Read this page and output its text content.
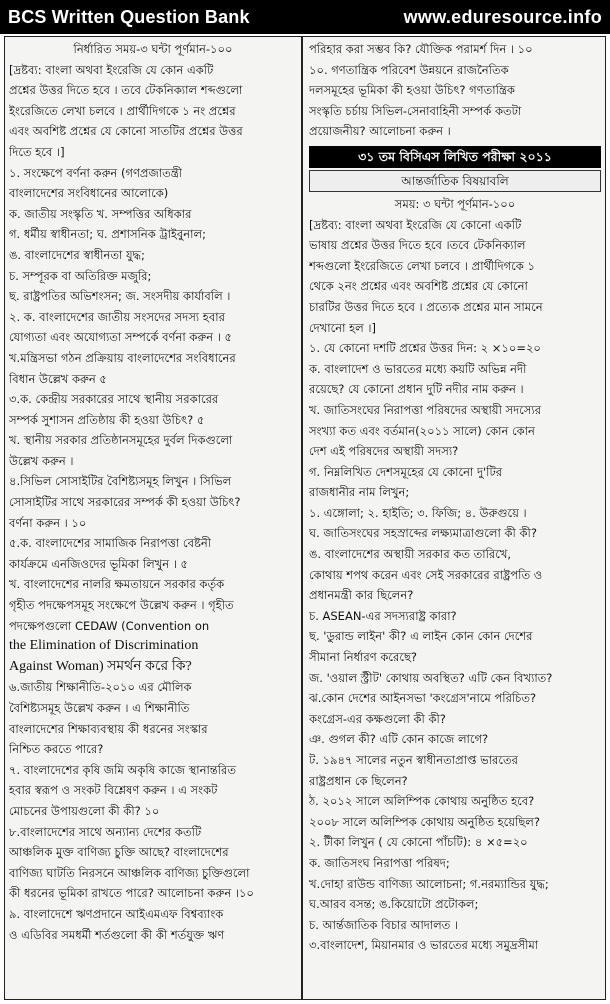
BCS Written Question Bank	www.eduresource.info
নির্ধারিত সময়-৩ ঘন্টা পূর্ণমান-১০০
[দ্রষ্টব্য: বাংলা অথবা ইংরেজি যে কোন একটি
প্রশ্নের উত্তর দিতে হবে । তবে টেকনিক্যাল শব্দগুলো
ইংরেজিতে লেখা চলবে । প্রার্থীদিগকে ১ নং প্রশ্নের
এবং অবশিষ্ট প্রশ্নের যে কোনো সাতটির প্রশ্নের উত্তর
দিতে হবে ।]
১. সংক্ষেপে বর্ণনা করুন (গণপ্রজাতন্ত্রী
বাংলাদেশের সংবিধানের আলোকে)
ক. জাতীয় সংস্কৃতি খ. সম্পত্তির অধিকার
গ. ধর্মীয় স্বাধীনতা; ঘ. প্রশাসনিক ট্রাইবুনাল;
ঙ. বাংলাদেশের স্বাধীনতা যুদ্ধ;
চ. সম্পূরক বা অতিরিক্ত মজুরি;
ছ. রাষ্ট্রপতির অভিশংসন; জ. সংসদীয় কার্যাবলি ।
২. ক. বাংলাদেশের জাতীয় সংসদের সদস্য হবার
যোগ্যতা এবং অযোগ্যতা সম্পর্কে বর্ণনা করুন । ৫
খ.মন্ত্রিসভা গঠন প্রক্রিয়ায় বাংলাদেশের সংবিধানের
বিধান উল্লেখ করুন ৫
৩.ক. কেন্দ্রীয় সরকারের সাথে স্থানীয় সরকারের
সম্পর্ক সুশাসন প্রতিষ্ঠায় কী হওয়া উচিৎ? ৫
খ. স্থানীয় সরকার প্রতিষ্ঠানসমূহের দুর্বল দিকগুলো
উল্লেখ করুন ।
৪.সিভিল সোসাইটির বৈশিষ্ট্যসমূহ লিখুন । সিভিল
সোসাইটির সাথে সরকারের সম্পর্ক কী হওয়া উচিৎ?
বর্ণনা করুন । ১০
৫.ক. বাংলাদেশের সামাজিক নিরাপত্তা বেষ্টনী
কার্যক্রমে এনজিওদের ভূমিকা লিখুন । ৫
খ. বাংলাদেশের নালরি ক্ষমতায়নে সরকার কর্তৃক
গৃহীত পদক্ষেপসমূহ সংক্ষেপে উল্লেখ করুন । গৃহীত
পদক্ষেপগুলো CEDAW (Convention on
the Elimination of Discrimination
Against Woman) সমর্থন করে কি?
৬.জাতীয় শিক্ষানীতি-২০১০ এর মৌলিক
বৈশিষ্ট্যসমূহ উল্লেখ করুন । এ শিক্ষানীতি
বাংলাদেশের শিক্ষাব্যবস্থায় কী ধরনের সংস্কার
নিশ্চিত করতে পারে?
৭. বাংলাদেশের কৃষি জমি অকৃষি কাজে স্থানান্তরিত
হবার স্বরূপ ও সংকট বিশ্লেষণ করুন । এ সংকট
মোচনের উপায়গুলো কী কী? ১০
৮.বাংলাদেশের সাথে অন্যান্য দেশের কতটি
আঞ্চলিক মুক্ত বাণিজ্য চুক্তি আছে? বাংলাদেশের
বাণিজ্য ঘাটতি নিরসনে আঞ্চলিক বাণিজ্য চুক্তিগুলো
কী ধরনের ভূমিকা রাখতে পারে? আলোচনা করুন ।১০
৯. বাংলাদেশে ঋণপ্রদানে আইএমএফ বিশ্বব্যাংক
ও এডিবির সমধর্মী শর্তগুলো কী কী শর্তযুক্ত ঋণ
পরিহার করা সম্ভব কি? যৌক্তিক পরামর্শ দিন । ১০
১০. গণতান্ত্রিক পরিবেশ উন্নয়নে রাজনৈতিক
দলসমূহের ভূমিকা কী হওয়া উচিৎ? গণতান্ত্রিক
সংস্কৃতি চর্চায় সিভিল-সেনাবাহিনী সম্পর্ক কতটা
প্রয়োজনীয়? আলোচনা করুন ।
৩১ তম বিসিএস লিখিত পরীক্ষা ২০১১
আন্তর্জাতিক বিষয়াবলি
সময়: ৩ ঘন্টা পূর্ণমান-১০০
[দ্রষ্টব্য: বাংলা অথবা ইংরেজি যে কোনো একটি
ভাষায় প্রশ্নের উত্তর দিতে হবে ।তবে টেকনিক্যাল
শব্দগুলো ইংরেজিতে লেখা চলবে । প্রার্থীদিগকে ১
থেকে ২নং প্রশ্নের এবং অবশিষ্ট প্রশ্নের যে কোনো
চারটির উত্তর দিতে হবে । প্রত্যেক প্রশ্নের মান সামনে
দেখানো হল ।]
১. যে কোনো দশটি প্রশ্নের উত্তর দিন: ২ ×১০=২০
ক. বাংলাদেশ ও ভারতের মধ্যে কয়টি অভিন্ন নদী
রয়েছে? যে কোনো প্রধান দুটি নদীর নাম করুন ।
খ. জাতিসংঘের নিরাপত্তা পরিষদের অস্থায়ী সদস্যের
সংখ্যা কত এবং বর্তমান(২০১১ সালে) কোন কোন
দেশ এই পরিষদের অস্থায়ী সদস্য?
গ. নিম্নলিখিত দেশসমূহের যে কোনো দু'টির
রাজধানীর নাম লিখুন;
১. এঙ্গোলা; ২. হাইতি; ৩. ফিজি; ৪. উরুগুয়ে ।
ঘ. জাতিসংঘের সহস্রাব্দের লক্ষ্যমাত্রাগুলো কী কী?
ঙ. বাংলাদেশের অস্থায়ী সরকার কত তারিখে,
কোথায় শপথ করেন এবং সেই সরকারের রাষ্ট্রপতি ও
প্রধানমন্ত্রী কার ছিলেন?
চ. ASEAN-এর সদস্যরাষ্ট্র কারা?
ছ. 'ডুরান্ড লাইন' কী? এ লাইন কোন কোন দেশের
সীমানা নির্ধারণ করেছে?
জ. 'ওয়াল স্ট্রীট' কোথায় অবস্থিত? এটি কেন বিখ্যাত?
ঝ.কোন দেশের আইনসভা 'কংগ্রেস'নামে পরিচিত?
কংগ্রেস-এর কক্ষগুলো কী কী?
ঞ. গুগল কী? এটি কোন কাজে লাগে?
ট. ১৯৪৭ সালের নতুন স্বাধীনতাপ্রাপ্ত ভারতের
রাষ্ট্রপ্রধান কে ছিলেন?
ঠ. ২০১২ সালে অলিম্পিক কোথায় অনুষ্ঠিত হবে?
২০০৮ সালে অলিম্পিক কোথায় অনুষ্ঠিত হয়েছিল?
২. টীকা লিখুন ( যে কোনো পাঁচটি): ৪ ×৫=২০
ক. জাতিসংঘ নিরাপত্তা পরিষদ;
খ.দোহা রাউন্ড বাণিজ্য আলোচনা; গ.নরম্যান্ডির যুদ্ধ;
ঘ.আরব বসন্ত; ঙ.কিয়োটো প্রটোকল;
চ. আর্ন্তজাতিক বিচার আদালত ।
৩.বাংলাদেশ, মিয়ানমার ও ভারতের মধ্যে সমুদ্রসীমা
